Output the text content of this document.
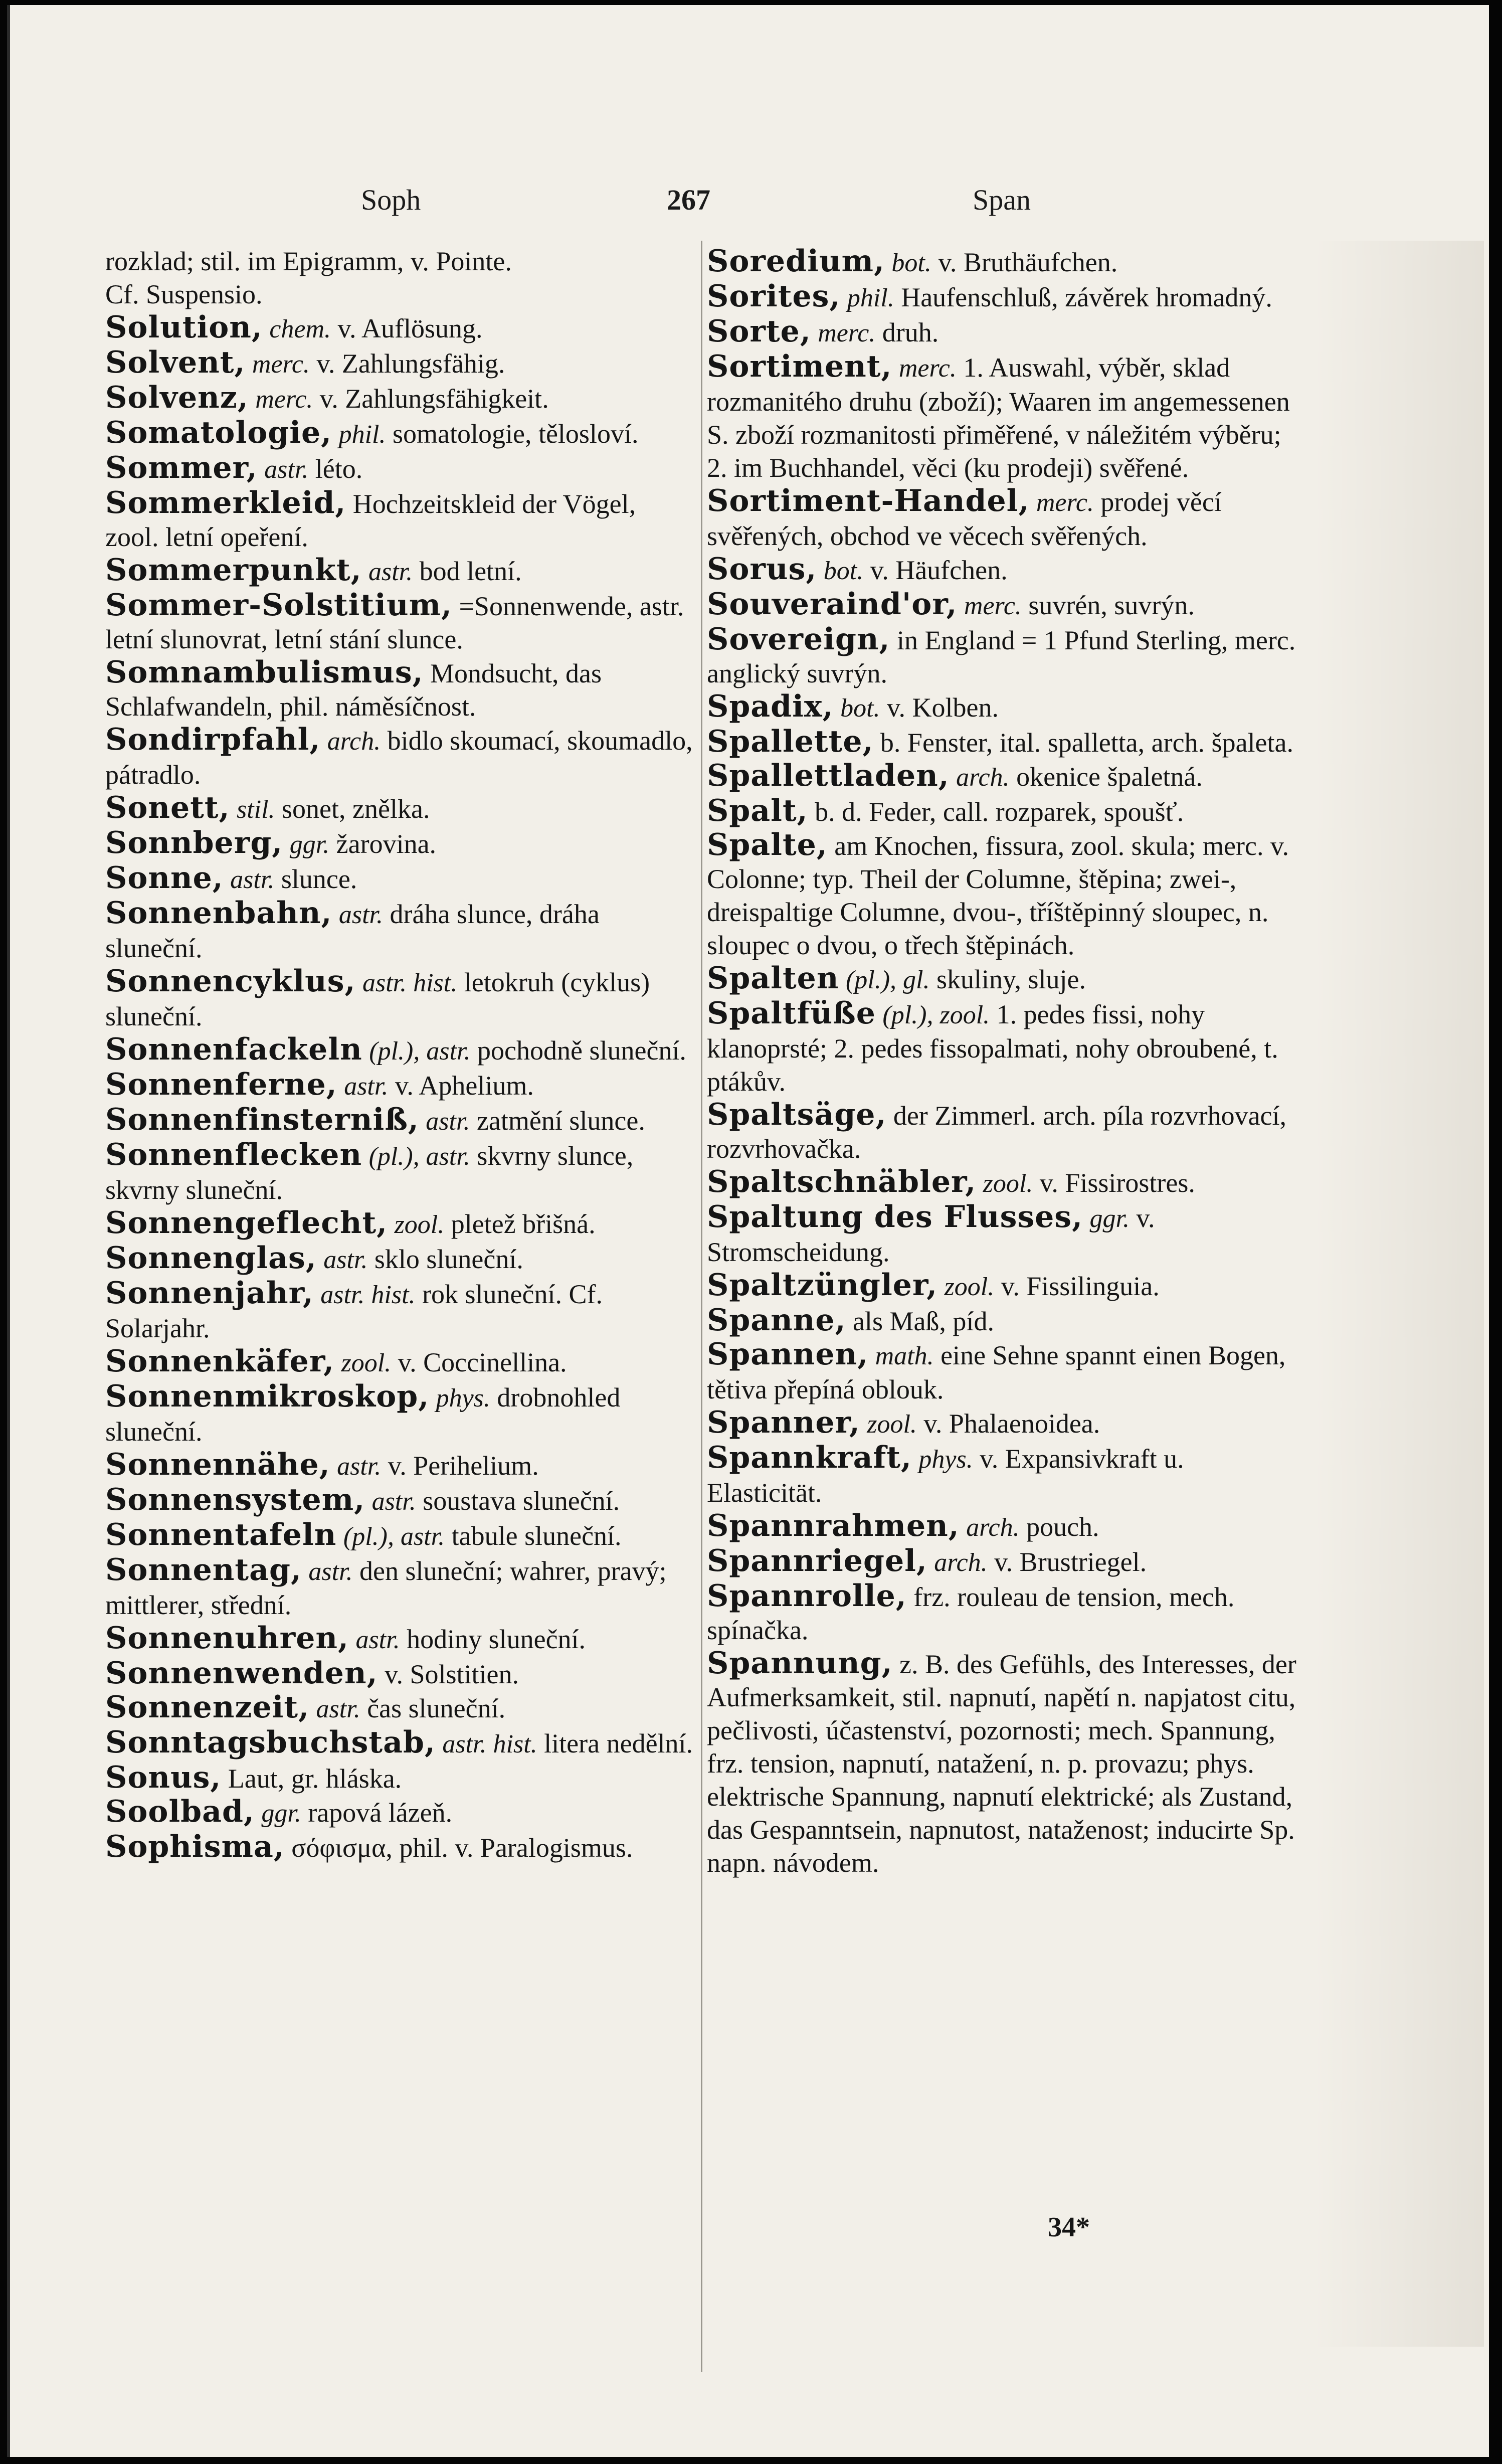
Soph	267	Span

rozklad; stil. im Epigramm, v. Pointe.

Cf. Suspensio.

Solution, chem. v. Auflösung.

Solvent, merc. v. Zahlungsfähig.

Solvenz, merc. v. Zahlungsfähigkeit.

Somatologie, phil. somatologie, tělosloví.

Sommer, astr. léto.

Sommerkleid, Hochzeitskleid der Vögel, zool. letní opeření.

Sommerpunkt, astr. bod letní.

Sommer-Solstitium, =Sonnenwende, astr. letní slunovrat, letní stání slunce.

Somnambulismus, Mondsucht, das Schlafwandeln, phil. náměsíčnost.

Sondirpfahl, arch. bidlo skoumací, skoumadlo, pátradlo.

Sonett, stil. sonet, znělka.

Sonnberg, ggr. žarovina.

Sonne, astr. slunce.

Sonnenbahn, astr. dráha slunce, dráha sluneční.

Sonnencyklus, astr. hist. letokruh (cyklus) sluneční.

Sonnenfackeln (pl.), astr. pochodně sluneční.

Sonnenferne, astr. v. Aphelium.

Sonnenfinsterniß, astr. zatmění slunce.

Sonnenflecken (pl.), astr. skvrny slunce, skvrny sluneční.

Sonnengeflecht, zool. pletež břišná.

Sonnenglas, astr. sklo sluneční.

Sonnenjahr, astr. hist. rok sluneční. Cf. Solarjahr.

Sonnenkäfer, zool. v. Coccinellina.

Sonnenmikroskop, phys. drobnohled sluneční.

Sonnennähe, astr. v. Perihelium.

Sonnensystem, astr. soustava sluneční.

Sonnentafeln (pl.), astr. tabule sluneční.

Sonnentag, astr. den sluneční; wahrer, pravý; mittlerer, střední.

Sonnenuhren, astr. hodiny sluneční.

Sonnenwenden, v. Solstitien.

Sonnenzeit, astr. čas sluneční.

Sonntagsbuchstab, astr. hist. litera nedělní.

Sonus, Laut, gr. hláska.

Soolbad, ggr. rapová lázeň.

Sophisma, σόφισμα, phil. v. Paralogismus.

Soredium, bot. v. Bruthäufchen.

Sorites, phil. Haufenschluß, závěrek hromadný.

Sorte, merc. druh.

Sortiment, merc. 1. Auswahl, výběr, sklad rozmanitého druhu (zboží); Waaren im angemessenen S. zboží rozmanitosti přiměřené, v náležitém výběru; 2. im Buchhandel, věci (ku prodeji) svěřené.

Sortiment-Handel, merc. prodej věcí svěřených, obchod ve věcech svěřených.

Sorus, bot. v. Häufchen.

Souveraind'or, merc. suvrén, suvrýn.

Sovereign, in England = 1 Pfund Sterling, merc. anglický suvrýn.

Spadix, bot. v. Kolben.

Spallette, b. Fenster, ital. spalletta, arch. špaleta.

Spallettladen, arch. okenice špaletná.

Spalt, b. d. Feder, call. rozparek, spoušť.

Spalte, am Knochen, fissura, zool. skula; merc. v. Colonne; typ. Theil der Columne, štěpina; zwei-, dreispaltige Columne, dvou-, tříštěpinný sloupec, n. sloupec o dvou, o třech štěpinách.

Spalten (pl.), gl. skuliny, sluje.

Spaltfüße (pl.), zool. 1. pedes fissi, nohy klanoprsté; 2. pedes fissopalmati, nohy obroubené, t. ptákův.

Spaltsäge, der Zimmerl. arch. píla rozvrhovací, rozvrhovačka.

Spaltschnäbler, zool. v. Fissirostres.

Spaltung des Flusses, ggr. v. Stromscheidung.

Spaltzüngler, zool. v. Fissilinguia.

Spanne, als Maß, píd.

Spannen, math. eine Sehne spannt einen Bogen, tětiva přepíná oblouk.

Spanner, zool. v. Phalaenoidea.

Spannkraft, phys. v. Expansivkraft u. Elasticität.

Spannrahmen, arch. pouch.

Spannriegel, arch. v. Brustriegel.

Spannrolle, frz. rouleau de tension, mech. spínačka.

Spannung, z. B. des Gefühls, des Interesses, der Aufmerksamkeit, stil. napnutí, napětí n. napjatost citu, pečlivosti, účastenství, pozornosti; mech. Spannung, frz. tension, napnutí, natažení, n. p. provazu; phys. elektrische Spannung, napnutí elektrické; als Zustand, das Gespanntsein, napnutost, nataženost; inducirte Sp. napn. návodem.

34*
